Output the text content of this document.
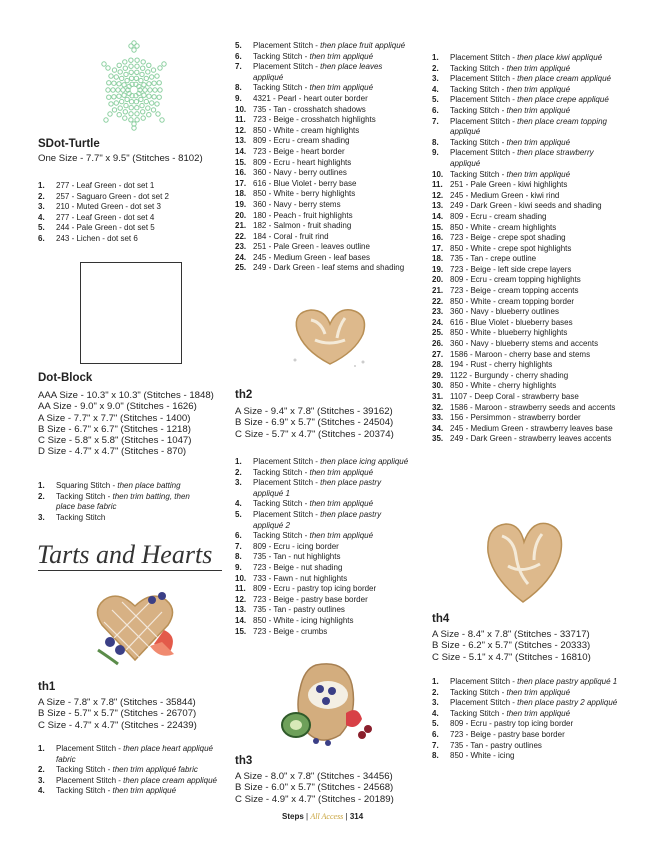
SDot-Turtle
One Size - 7.7" x 9.5" (Stitches - 8102)
1. 277 - Leaf Green - dot set 1
2. 257 - Saguaro Green - dot set 2
3. 210 - Muted Green - dot set 3
4. 277 - Leaf Green - dot set 4
5. 244 - Pale Green - dot set 5
6. 243 - Lichen - dot set 6
Dot-Block
AAA Size - 10.3" x 10.3" (Stitches - 1848)
AA Size - 9.0" x 9.0" (Stitches - 1626)
A Size - 7.7" x 7.7" (Stitches - 1400)
B Size - 6.7" x 6.7" (Stitches - 1218)
C Size - 5.8" x 5.8" (Stitches - 1047)
D Size - 4.7" x 4.7" (Stitches - 870)
1. Squaring Stitch - then place batting
2. Tacking Stitch - then trim batting, then place base fabric
3. Tacking Stitch
Tarts and Hearts
th1
A Size - 7.8" x 7.8" (Stitches - 35844)
B Size - 5.7" x 5.7" (Stitches - 26707)
C Size - 4.7" x 4.7" (Stitches - 22439)
1. Placement Stitch - then place heart appliqué fabric
2. Tacking Stitch - then trim appliqué fabric
3. Placement Stitch - then place cream appliqué
4. Tacking Stitch - then trim appliqué
5. Placement Stitch - then place fruit appliqué
6. Tacking Stitch - then trim appliqué
7. Placement Stitch - then place leaves appliqué
8. Tacking Stitch - then trim appliqué
9. 4321 - Pearl - heart outer border
10. 735 - Tan - crosshatch shadows
11. 723 - Beige - crosshatch highlights
12. 850 - White - cream highlights
13. 809 - Ecru - cream shading
14. 723 - Beige - heart border
15. 809 - Ecru - heart highlights
16. 360 - Navy - berry outlines
17. 616 - Blue Violet - berry base
18. 850 - White - berry highlights
19. 360 - Navy - berry stems
20. 180 - Peach - fruit highlights
21. 182 - Salmon - fruit shading
22. 184 - Coral - fruit rind
23. 251 - Pale Green - leaves outline
24. 245 - Medium Green - leaf bases
25. 249 - Dark Green - leaf stems and shading
th2
A Size - 9.4" x 7.8" (Stitches - 39162)
B Size - 6.9" x 5.7" (Stitches - 24504)
C Size - 5.7" x 4.7" (Stitches - 20374)
1. Placement Stitch - then place icing appliqué
2. Tacking Stitch - then trim appliqué
3. Placement Stitch - then place pastry appliqué 1
4. Tacking Stitch - then trim appliqué
5. Placement Stitch - then place pastry appliqué 2
6. Tacking Stitch - then trim appliqué
7. 809 - Ecru - icing border
8. 735 - Tan - nut highlights
9. 723 - Beige - nut shading
10. 733 - Fawn - nut highlights
11. 809 - Ecru - pastry top icing border
12. 723 - Beige - pastry base border
13. 735 - Tan - pastry outlines
14. 850 - White - icing highlights
15. 723 - Beige - crumbs
th3
A Size - 8.0" x 7.8" (Stitches - 34456)
B Size - 6.0" x 5.7" (Stitches - 24568)
C Size - 4.9" x 4.7" (Stitches - 20189)
1. Placement Stitch - then place kiwi appliqué
2. Tacking Stitch - then trim appliqué
3. Placement Stitch - then place cream appliqué
4. Tacking Stitch - then trim appliqué
5. Placement Stitch - then place crepe appliqué
6. Tacking Stitch - then trim appliqué
7. Placement Stitch - then place cream topping appliqué
8. Tacking Stitch - then trim appliqué
9. Placement Stitch - then place strawberry appliqué
10. Tacking Stitch - then trim appliqué
11. 251 - Pale Green - kiwi highlights
12. 245 - Medium Green - kiwi rind
13. 249 - Dark Green - kiwi seeds and shading
14. 809 - Ecru - cream shading
15. 850 - White - cream highlights
16. 723 - Beige - crepe spot shading
17. 850 - White - crepe spot highlights
18. 735 - Tan - crepe outline
19. 723 - Beige - left side crepe layers
20. 809 - Ecru - cream topping highlights
21. 723 - Beige - cream topping accents
22. 850 - White - cream topping border
23. 360 - Navy - blueberry outlines
24. 616 - Blue Violet - blueberry bases
25. 850 - White - blueberry highlights
26. 360 - Navy - blueberry stems and accents
27. 1586 - Maroon - cherry base and stems
28. 194 - Rust - cherry highlights
29. 1122 - Burgundy - cherry shading
30. 850 - White - cherry highlights
31. 1107 - Deep Coral - strawberry base
32. 1586 - Maroon - strawberry seeds and accents
33. 156 - Persimmon - strawberry border
34. 245 - Medium Green - strawberry leaves base
35. 249 - Dark Green - strawberry leaves accents
th4
A Size - 8.4" x 7.8" (Stitches - 33717)
B Size - 6.2" x 5.7" (Stitches - 20333)
C Size - 5.1" x 4.7" (Stitches - 16810)
1. Placement Stitch - then place pastry appliqué 1
2. Tacking Stitch - then trim appliqué
3. Placement Stitch - then place pastry 2 appliqué
4. Tacking Stitch - then trim appliqué
5. 809 - Ecru - pastry top icing border
6. 723 - Beige - pastry base border
7. 735 - Tan - pastry outlines
8. 850 - White - icing
Steps | All Access | 314
